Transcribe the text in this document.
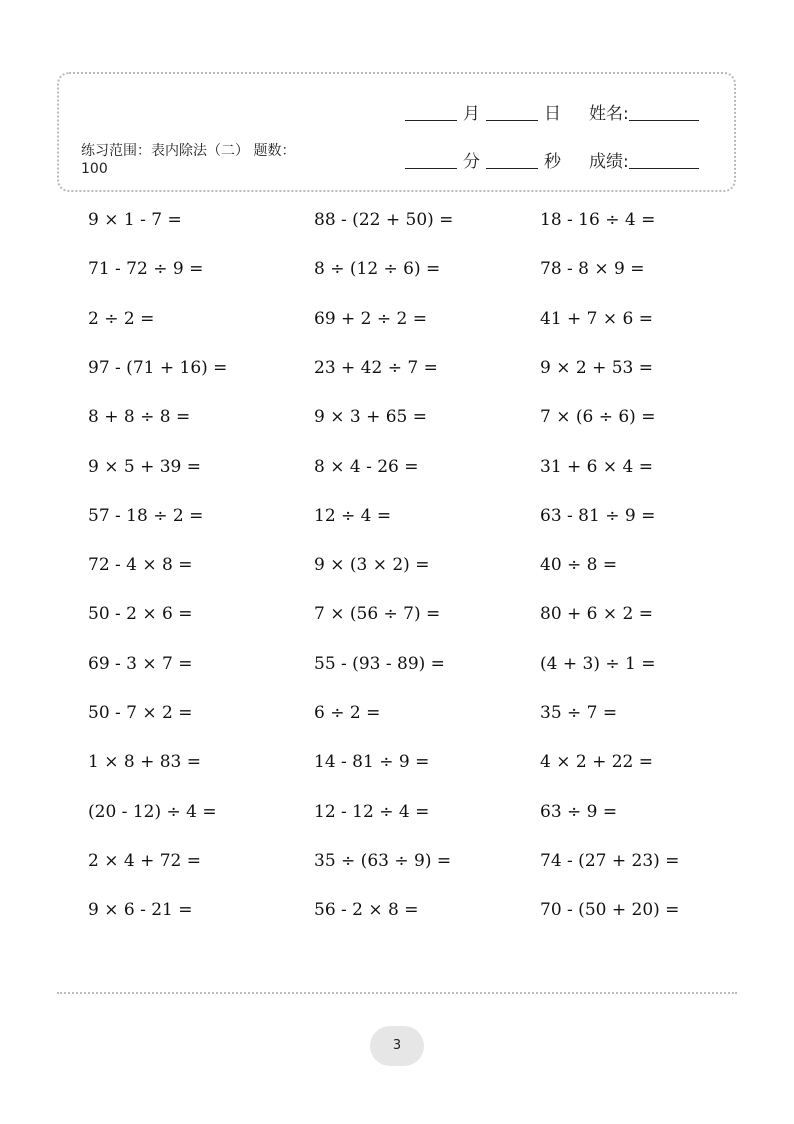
月	日 姓名:
练习范围：表内除法（二） 题数：100	分	秒 成绩:
9 × 1 - 7 =	88 - (22 + 50) =	18 - 16 ÷ 4 =
71 - 72 ÷ 9 =	8 ÷ (12 ÷ 6) =	78 - 8 × 9 =
2 ÷ 2 =	69 + 2 ÷ 2 =	41 + 7 × 6 =
97 - (71 + 16) =	23 + 42 ÷ 7 =	9 × 2 + 53 =
8 + 8 ÷ 8 =	9 × 3 + 65 =	7 × (6 ÷ 6) =
9 × 5 + 39 =	8 × 4 - 26 =	31 + 6 × 4 =
57 - 18 ÷ 2 =	12 ÷ 4 =	63 - 81 ÷ 9 =
72 - 4 × 8 =	9 × (3 × 2) =	40 ÷ 8 =
50 - 2 × 6 =	7 × (56 ÷ 7) =	80 + 6 × 2 =
69 - 3 × 7 =	55 - (93 - 89) =	(4 + 3) ÷ 1 =
50 - 7 × 2 =	6 ÷ 2 =	35 ÷ 7 =
1 × 8 + 83 =	14 - 81 ÷ 9 =	4 × 2 + 22 =
(20 - 12) ÷ 4 =	12 - 12 ÷ 4 =	63 ÷ 9 =
2 × 4 + 72 =	35 ÷ (63 ÷ 9) =	74 - (27 + 23) =
9 × 6 - 21 =	56 - 2 × 8 =	70 - (50 + 20) =
3
